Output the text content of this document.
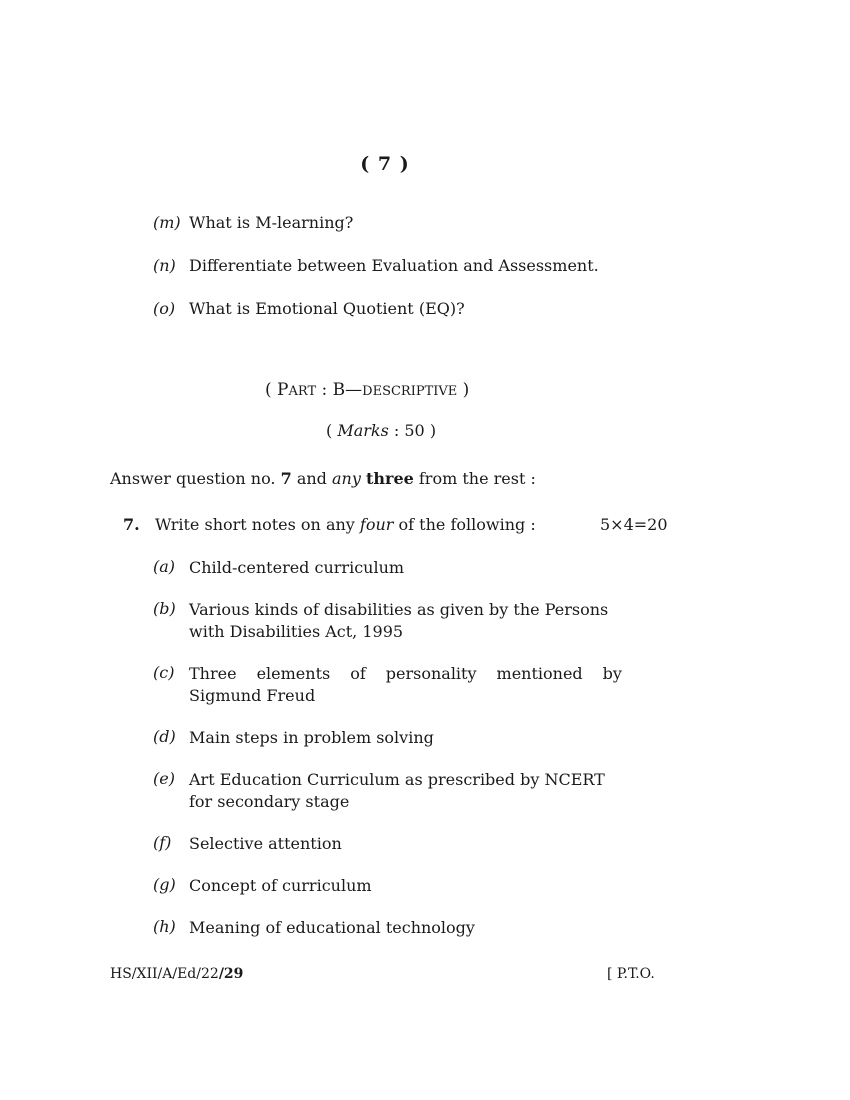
( 7 )
(m) What is M-learning?
(n) Differentiate between Evaluation and Assessment.
(o) What is Emotional Quotient (EQ)?
( PART : B—DESCRIPTIVE )
( Marks : 50 )
Answer question no. 7 and any three from the rest :
7. Write short notes on any four of the following :	5×4=20
(a) Child-centered curriculum
(b) Various kinds of disabilities as given by the Persons
with Disabilities Act, 1995
(c) Three elements of personality mentioned by
Sigmund Freud
(d) Main steps in problem solving
(e) Art Education Curriculum as prescribed by NCERT
for secondary stage
(f) Selective attention
(g) Concept of curriculum
(h) Meaning of educational technology
HS/XII/A/Ed/22/29	[ P.T.O.
